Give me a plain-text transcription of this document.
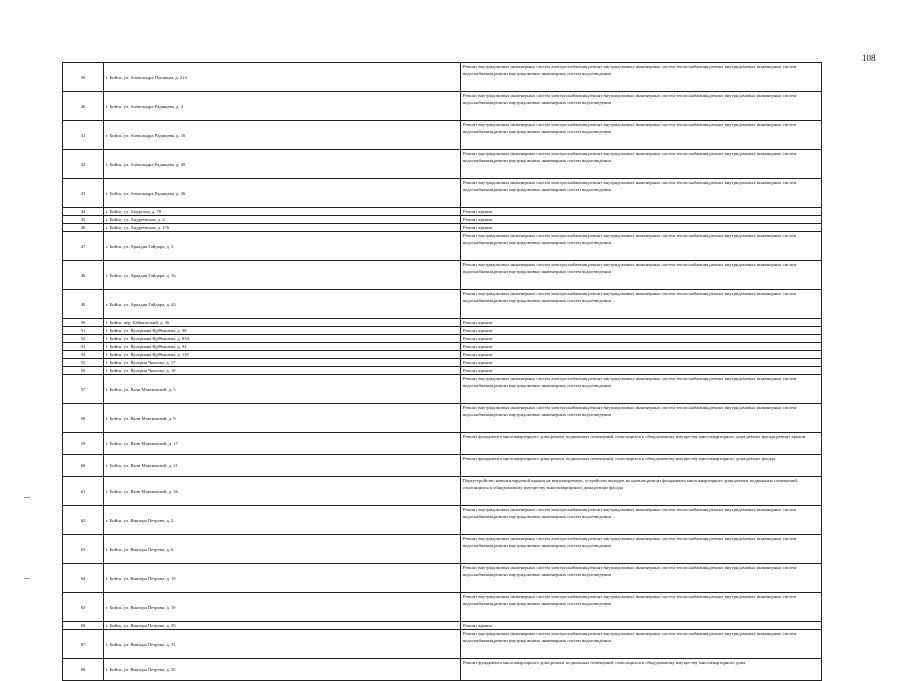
108
39	г. Бийск, ул. Александра Пушкина, д. 213	Ремонт внутридомовых инженерных систем электроснабжения,ремонт внутридомовых инженерных систем теплоснабжения,ремонт внутридомовых инженерных систем водоснабжения,ремонт внутридомовых инженерных систем водоотведения
40	г. Бийск, ул. Александра Радищева, д. 4	Ремонт внутридомовых инженерных систем электроснабжения,ремонт внутридомовых инженерных систем теплоснабжения,ремонт внутридомовых инженерных систем водоснабжения,ремонт внутридомовых инженерных систем водоотведения
41	г. Бийск, ул. Александра Радищева, д. 16	Ремонт внутридомовых инженерных систем электроснабжения,ремонт внутридомовых инженерных систем теплоснабжения,ремонт внутридомовых инженерных систем водоснабжения,ремонт внутридомовых инженерных систем водоотведения
42	г. Бийск, ул. Александра Радищева, д. 20	Ремонт внутридомовых инженерных систем электроснабжения,ремонт внутридомовых инженерных систем теплоснабжения,ремонт внутридомовых инженерных систем водоснабжения,ремонт внутридомовых инженерных систем водоотведения
43	г. Бийск, ул. Александра Радищева, д. 26	Ремонт внутридомовых инженерных систем электроснабжения,ремонт внутридомовых инженерных систем теплоснабжения,ремонт внутридомовых инженерных систем водоснабжения,ремонт внутридомовых инженерных систем водоотведения
44	г. Бийск, ул. Амурская, д. 70	Ремонт крыши
45	г. Бийск, ул. Андреевская, д. 4	Ремонт крыши
46	г. Бийск, ул. Андреевская, д. 176	Ремонт крыши
47	г. Бийск, ул. Аркадия Гайдара, д. 3	Ремонт внутридомовых инженерных систем электроснабжения,ремонт внутридомовых инженерных систем теплоснабжения,ремонт внутридомовых инженерных систем водоснабжения,ремонт внутридомовых инженерных систем водоотведения
48	г. Бийск, ул. Аркадия Гайдара, д. 16	Ремонт внутридомовых инженерных систем электроснабжения,ремонт внутридомовых инженерных систем теплоснабжения,ремонт внутридомовых инженерных систем водоснабжения,ремонт внутридомовых инженерных систем водоотведения
49	г. Бийск, ул. Аркадия Гайдара, д. 43	Ремонт внутридомовых инженерных систем электроснабжения,ремонт внутридомовых инженерных систем теплоснабжения,ремонт внутридомовых инженерных систем водоснабжения,ремонт внутридомовых инженерных систем водоотведения
50	г. Бийск, пер. Байкальский, д. 36	Ремонт крыши
51	г. Бийск, ул. Валериана Куйбышева, д. 38	Ремонт крыши
52	г. Бийск, ул. Валериана Куйбышева, д. 83А	Ремонт крыши
53	г. Бийск, ул. Валериана Куйбышева, д. 94	Ремонт крыши
54	г. Бийск, ул. Валериана Куйбышева, д. 119	Ремонт крыши
55	г. Бийск, ул. Валерия Чкалова, д. 17	Ремонт крыши
56	г. Бийск, ул. Валерия Чкалова, д. 19	Ремонт крыши
57	г. Бийск, ул. Вали Максимовой, д. 5	Ремонт внутридомовых инженерных систем электроснабжения,ремонт внутридомовых инженерных систем теплоснабжения,ремонт внутридомовых инженерных систем водоснабжения,ремонт внутридомовых инженерных систем водоотведения
58	г. Бийск, ул. Вали Максимовой, д. 9	Ремонт внутридомовых инженерных систем электроснабжения,ремонт внутридомовых инженерных систем теплоснабжения,ремонт внутридомовых инженерных систем водоснабжения,ремонт внутридомовых инженерных систем водоотведения
59	г. Бийск, ул. Вали Максимовой, д. 17	Ремонт фундамента многоквартирного дома,ремонт подвальных помещений, относящихся к общедомовому имуществу многоквартирного дома,ремонт фасада,ремонт крыши
60	г. Бийск, ул. Вали Максимовой, д. 21	Ремонт фундамента многоквартирного дома,ремонт подвальных помещений, относящихся к общедомовому имуществу многоквартирного дома,ремонт фасада
61	г. Бийск, ул. Вали Максимовой, д. 36	Переустройство невентилируемой крыши на вентилируемую, устройство выходов на кровлю,ремонт фундамента многоквартирного дома,ремонт подвальных помещений, относящихся к общедомовому имуществу многоквартирного дома,ремонт фасада
62	г. Бийск, ул. Виктора Петрова, д. 2	Ремонт внутридомовых инженерных систем электроснабжения,ремонт внутридомовых инженерных систем теплоснабжения,ремонт внутридомовых инженерных систем водоснабжения,ремонт внутридомовых инженерных систем водоотведения
63	г. Бийск, ул. Виктора Петрова, д. 6	Ремонт внутридомовых инженерных систем электроснабжения,ремонт внутридомовых инженерных систем теплоснабжения,ремонт внутридомовых инженерных систем водоснабжения,ремонт внутридомовых инженерных систем водоотведения
64	г. Бийск, ул. Виктора Петрова, д. 15	Ремонт внутридомовых инженерных систем электроснабжения,ремонт внутридомовых инженерных систем теплоснабжения,ремонт внутридомовых инженерных систем водоснабжения,ремонт внутридомовых инженерных систем водоотведения
65	г. Бийск, ул. Виктора Петрова, д. 19	Ремонт внутридомовых инженерных систем электроснабжения,ремонт внутридомовых инженерных систем теплоснабжения,ремонт внутридомовых инженерных систем водоснабжения,ремонт внутридомовых инженерных систем водоотведения
66	г. Бийск, ул. Виктора Петрова, д. 29	Ремонт крыши
67	г. Бийск, ул. Виктора Петрова, д. 31	Ремонт внутридомовых инженерных систем электроснабжения,ремонт внутридомовых инженерных систем теплоснабжения,ремонт внутридомовых инженерных систем водоснабжения,ремонт внутридомовых инженерных систем водоотведения
68	г. Бийск, ул. Виктора Петрова, д. 35	Ремонт фундамента многоквартирного дома,ремонт подвальных помещений, относящихся к общедомовому имуществу многоквартирного дома
